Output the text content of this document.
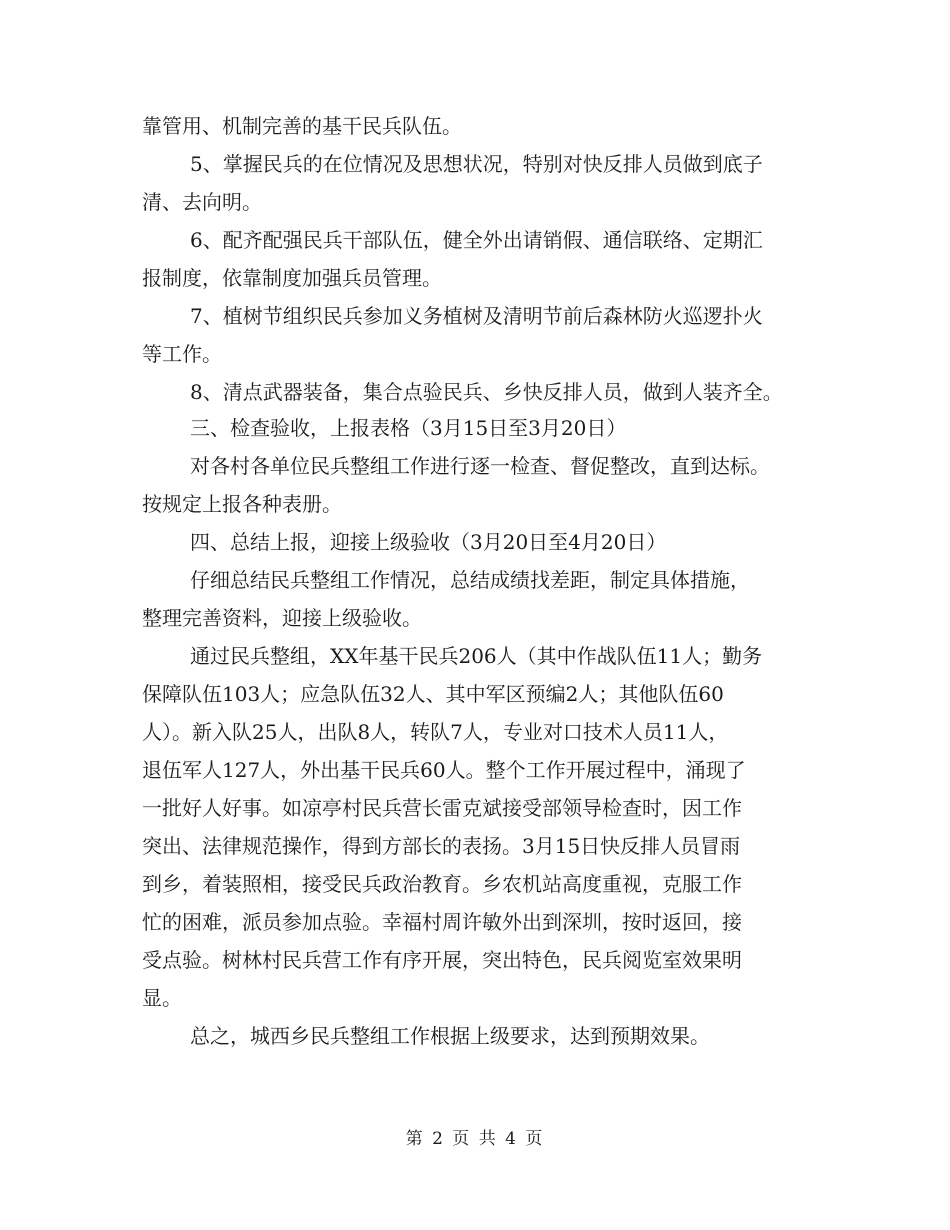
靠管用、机制完善的基干民兵队伍。
5、掌握民兵的在位情况及思想状况，特别对快反排人员做到底子
清、去向明。
6、配齐配强民兵干部队伍，健全外出请销假、通信联络、定期汇
报制度，依靠制度加强兵员管理。
7、植树节组织民兵参加义务植树及清明节前后森林防火巡逻扑火
等工作。
8、清点武器装备，集合点验民兵、乡快反排人员，做到人装齐全。
三、检查验收，上报表格（3月15日至3月20日）
对各村各单位民兵整组工作进行逐一检查、督促整改，直到达标。
按规定上报各种表册。
四、总结上报，迎接上级验收（3月20日至4月20日）
仔细总结民兵整组工作情况，总结成绩找差距，制定具体措施，
整理完善资料，迎接上级验收。
通过民兵整组，XX年基干民兵206人（其中作战队伍11人；勤务
保障队伍103人；应急队伍32人、其中军区预编2人；其他队伍60
人）。新入队25人，出队8人，转队7人，专业对口技术人员11人，
退伍军人127人，外出基干民兵60人。整个工作开展过程中，涌现了
一批好人好事。如凉亭村民兵营长雷克斌接受部领导检查时，因工作
突出、法律规范操作，得到方部长的表扬。3月15日快反排人员冒雨
到乡，着装照相，接受民兵政治教育。乡农机站高度重视，克服工作
忙的困难，派员参加点验。幸福村周许敏外出到深圳，按时返回，接
受点验。树林村民兵营工作有序开展，突出特色，民兵阅览室效果明
显。
总之，城西乡民兵整组工作根据上级要求，达到预期效果。
第 2 页 共 4 页
